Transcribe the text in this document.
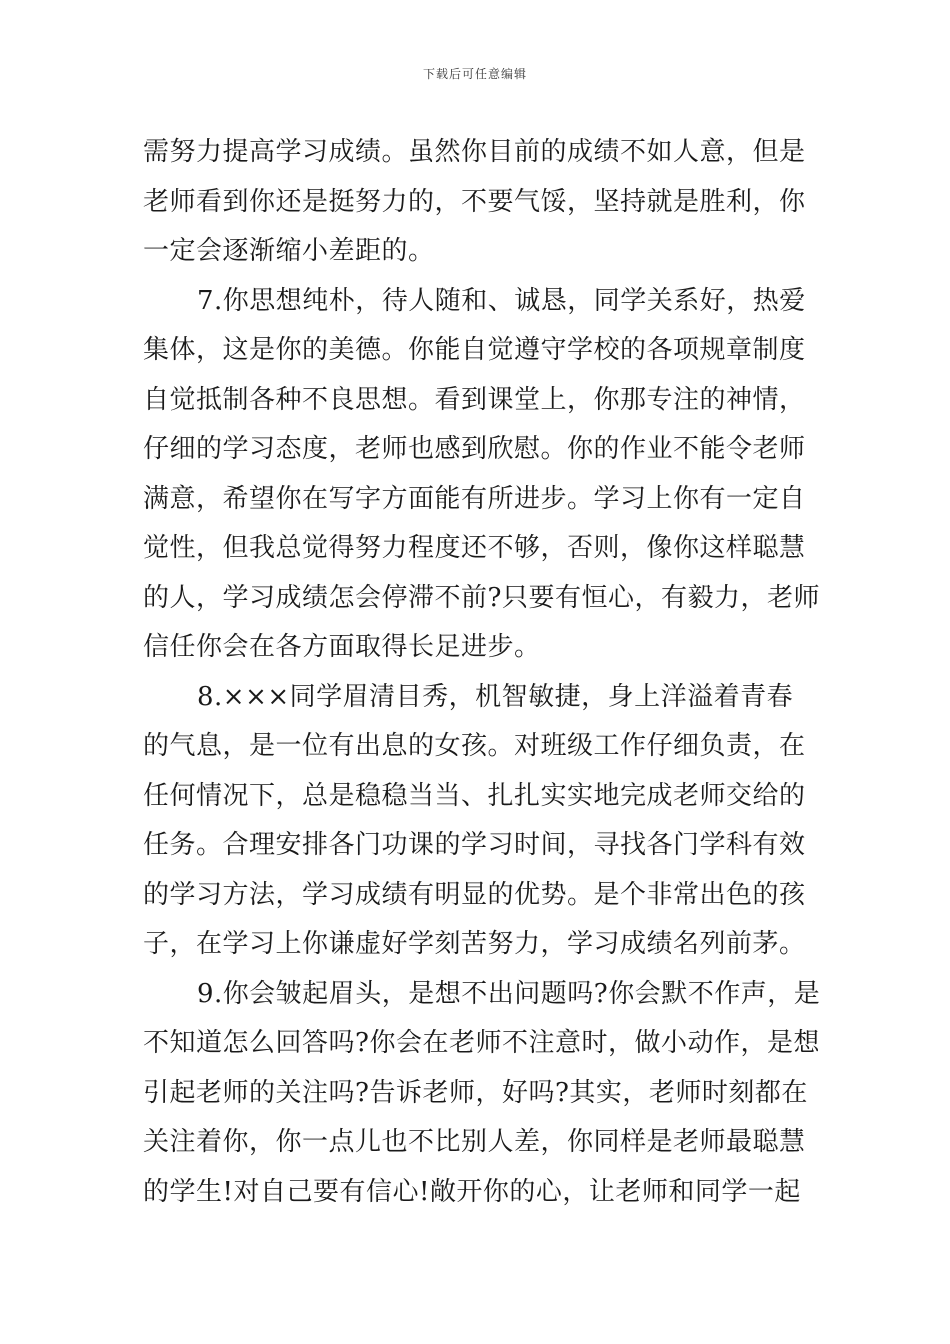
下载后可任意编辑
需努力提高学习成绩。虽然你目前的成绩不如人意，但是
老师看到你还是挺努力的，不要气馁，坚持就是胜利，你
一定会逐渐缩小差距的。
7.你思想纯朴，待人随和、诚恳，同学关系好，热爱
集体，这是你的美德。你能自觉遵守学校的各项规章制度
自觉抵制各种不良思想。看到课堂上，你那专注的神情，
仔细的学习态度，老师也感到欣慰。你的作业不能令老师
满意，希望你在写字方面能有所进步。学习上你有一定自
觉性，但我总觉得努力程度还不够，否则，像你这样聪慧
的人，学习成绩怎会停滞不前?只要有恒心，有毅力，老师
信任你会在各方面取得长足进步。
8.×××同学眉清目秀，机智敏捷，身上洋溢着青春
的气息，是一位有出息的女孩。对班级工作仔细负责，在
任何情况下，总是稳稳当当、扎扎实实地完成老师交给的
任务。合理安排各门功课的学习时间，寻找各门学科有效
的学习方法，学习成绩有明显的优势。是个非常出色的孩
子，在学习上你谦虚好学刻苦努力，学习成绩名列前茅。
9.你会皱起眉头，是想不出问题吗?你会默不作声，是
不知道怎么回答吗?你会在老师不注意时，做小动作，是想
引起老师的关注吗?告诉老师，好吗?其实，老师时刻都在
关注着你，你一点儿也不比别人差，你同样是老师最聪慧
的学生!对自己要有信心!敞开你的心，让老师和同学一起
